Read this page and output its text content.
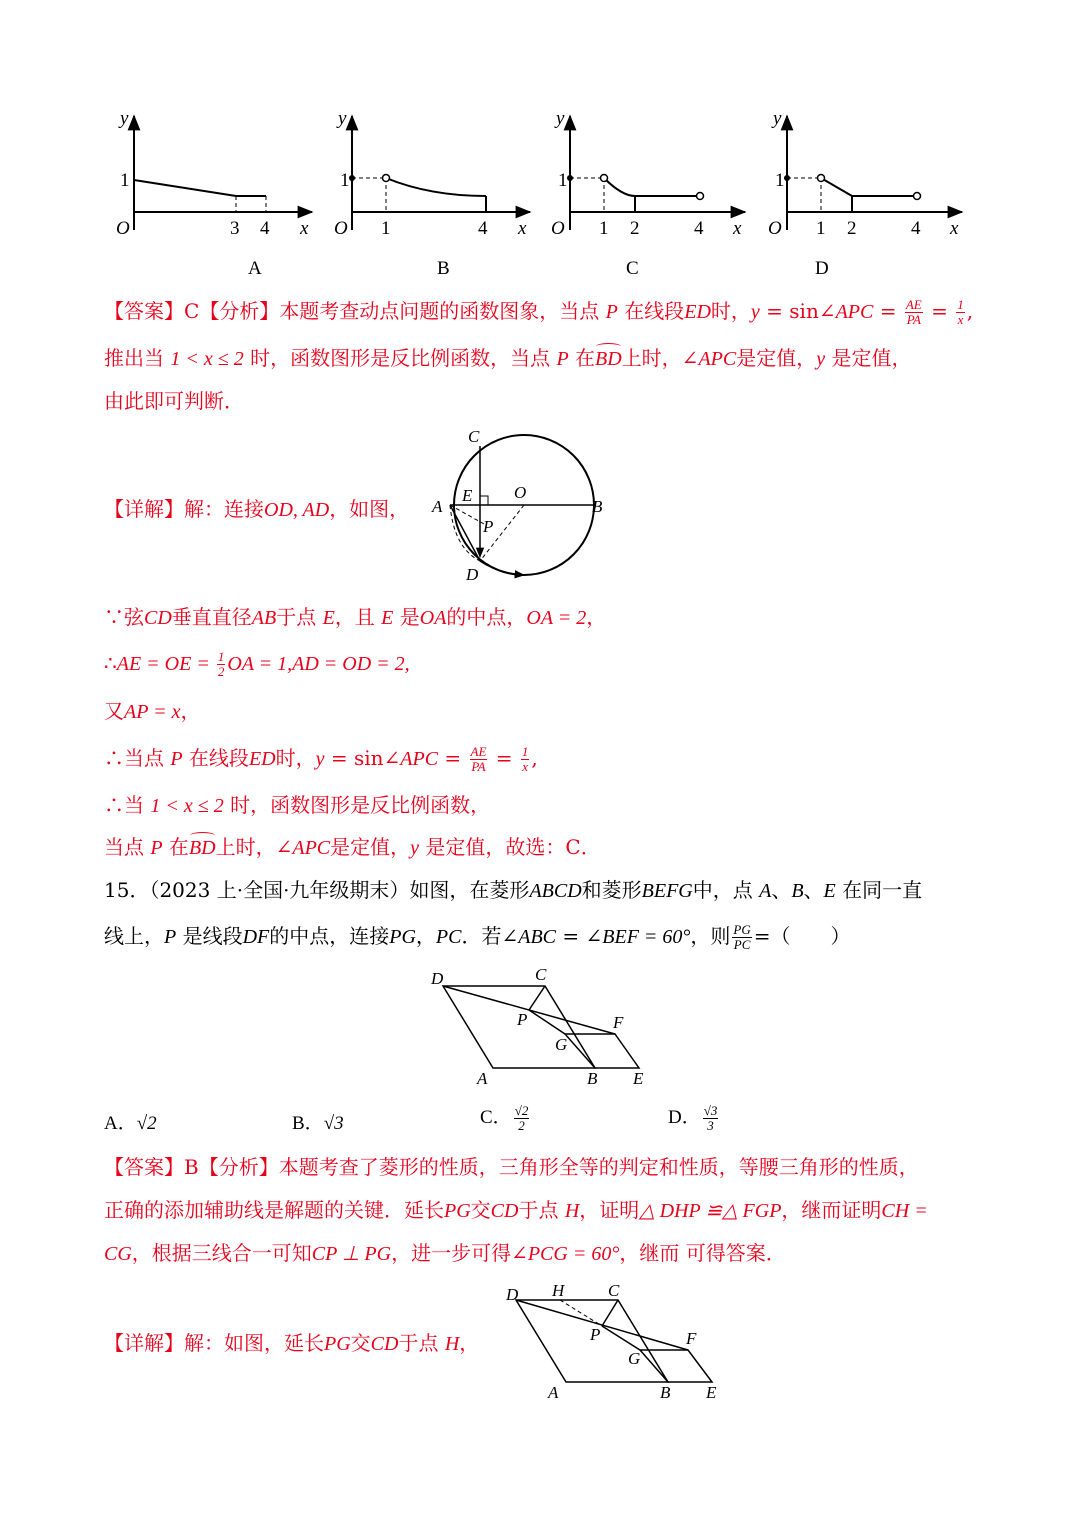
y
1
O	3 4 x
A
y
1
O 1	4 x
B
y
1
O 1 2	4 x
C
y
1
O 1 2	4 x
D
【答案】C【分析】本题考查动点问题的函数图象，当点 P 在线段ED时，y = sin∠APC = $\frac{AE}{PA} = \frac{1}{x}$ ,
推出当 1 < x ≤ 2 时，函数图形是反比例函数，当点 P 在BD上时，∠APC是定值，y 是定值，
由此即可判断．
【详解】解：连接OD, AD，如图，
C
E O
A	B
P
D
∵弦CD垂直直径AB于点 E，且 E 是OA的中点，OA = 2，
∴AE = OE = $\frac{1}{2}$ OA = 1,AD = OD = 2,
又AP = x，
∴当点 P 在线段ED时，y = sin∠APC = $\frac{AE}{PA} = \frac{1}{x}$ ,
∴当 1 < x ≤ 2 时，函数图形是反比例函数，
当点 P 在BD上时，∠APC是定值，y 是定值，故选：C．
15．（2023 上·全国·九年级期末）如图，在菱形ABCD和菱形BEFG中，点 A、B、E 在同一直
线上，P 是线段DF的中点，连接PG，PC．若∠ABC = ∠BEF = 60°，则 $\frac{PG}{PC}$ =（　　）
D	C
P	F
G
A	B E
A．√2	B．√3	C． $\frac{√2}{2}$	D． $\frac{√3}{3}$
【答案】B【分析】本题考查了菱形的性质，三角形全等的判定和性质，等腰三角形的性质，
正确的添加辅助线是解题的关键．延长PG交CD于点 H，证明△ DHP ≌△ FGP，继而证明CH =
CG，根据三线合一可知CP ⊥ PG，进一步可得∠PCG = 60°，继而 可得答案．
【详解】解：如图，延长PG交CD于点 H，
D H	C
P	F
G
A	B E
